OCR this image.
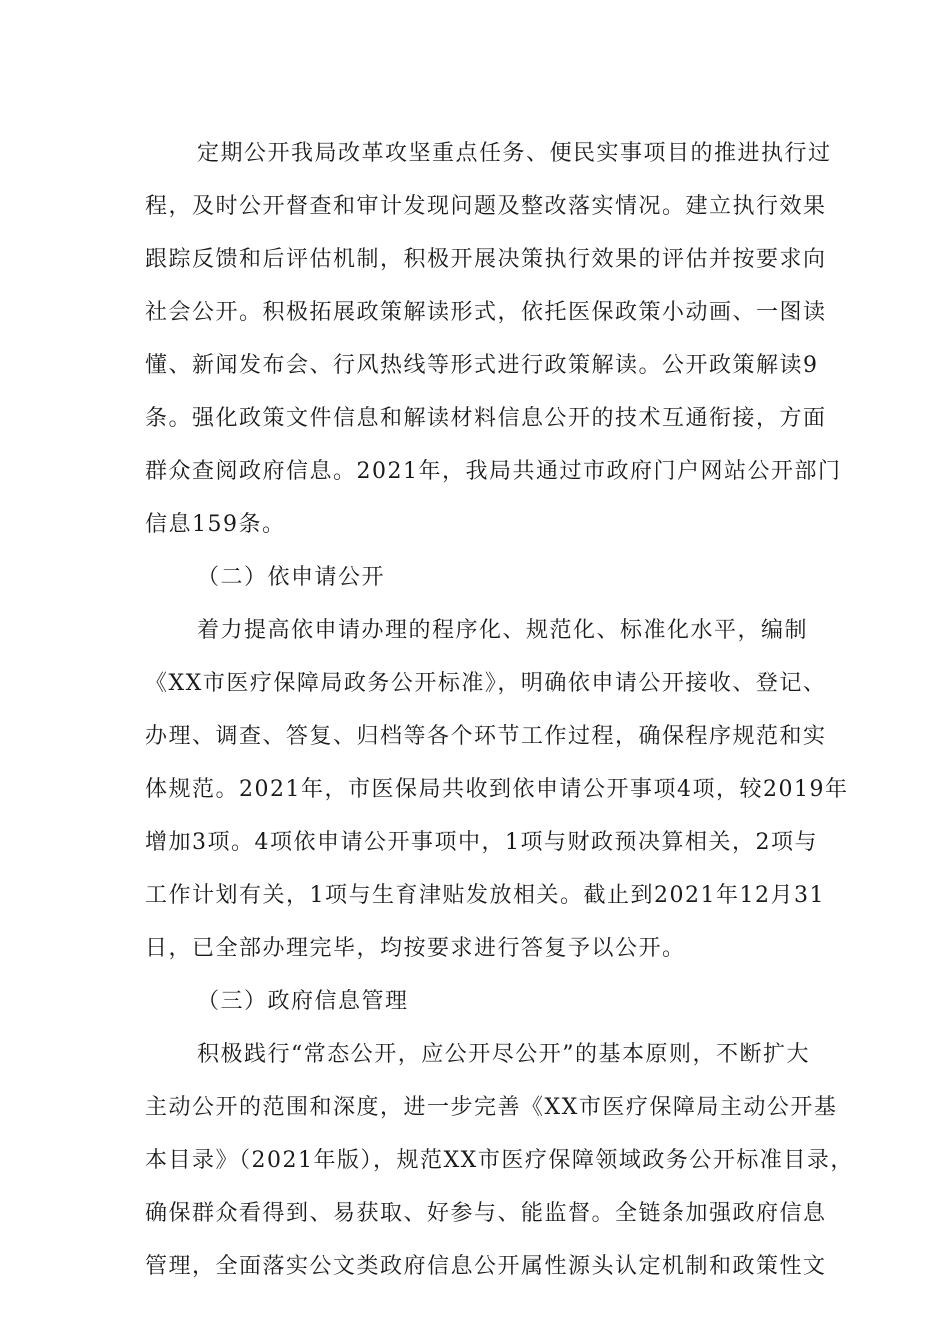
定期公开我局改革攻坚重点任务、便民实事项目的推进执行过
程，及时公开督查和审计发现问题及整改落实情况。建立执行效果
跟踪反馈和后评估机制，积极开展决策执行效果的评估并按要求向
社会公开。积极拓展政策解读形式，依托医保政策小动画、一图读
懂、新闻发布会、行风热线等形式进行政策解读。公开政策解读9
条。强化政策文件信息和解读材料信息公开的技术互通衔接，方面
群众查阅政府信息。2021年，我局共通过市政府门户网站公开部门
信息159条。
（二）依申请公开
着力提高依申请办理的程序化、规范化、标准化水平，编制
《XX市医疗保障局政务公开标准》，明确依申请公开接收、登记、
办理、调查、答复、归档等各个环节工作过程，确保程序规范和实
体规范。2021年，市医保局共收到依申请公开事项4项，较2019年
增加3项。4项依申请公开事项中，1项与财政预决算相关，2项与
工作计划有关，1项与生育津贴发放相关。截止到2021年12月31
日，已全部办理完毕，均按要求进行答复予以公开。
（三）政府信息管理
积极践行“常态公开，应公开尽公开”的基本原则，不断扩大
主动公开的范围和深度，进一步完善《XX市医疗保障局主动公开基
本目录》（2021年版），规范XX市医疗保障领域政务公开标准目录，
确保群众看得到、易获取、好参与、能监督。全链条加强政府信息
管理，全面落实公文类政府信息公开属性源头认定机制和政策性文
